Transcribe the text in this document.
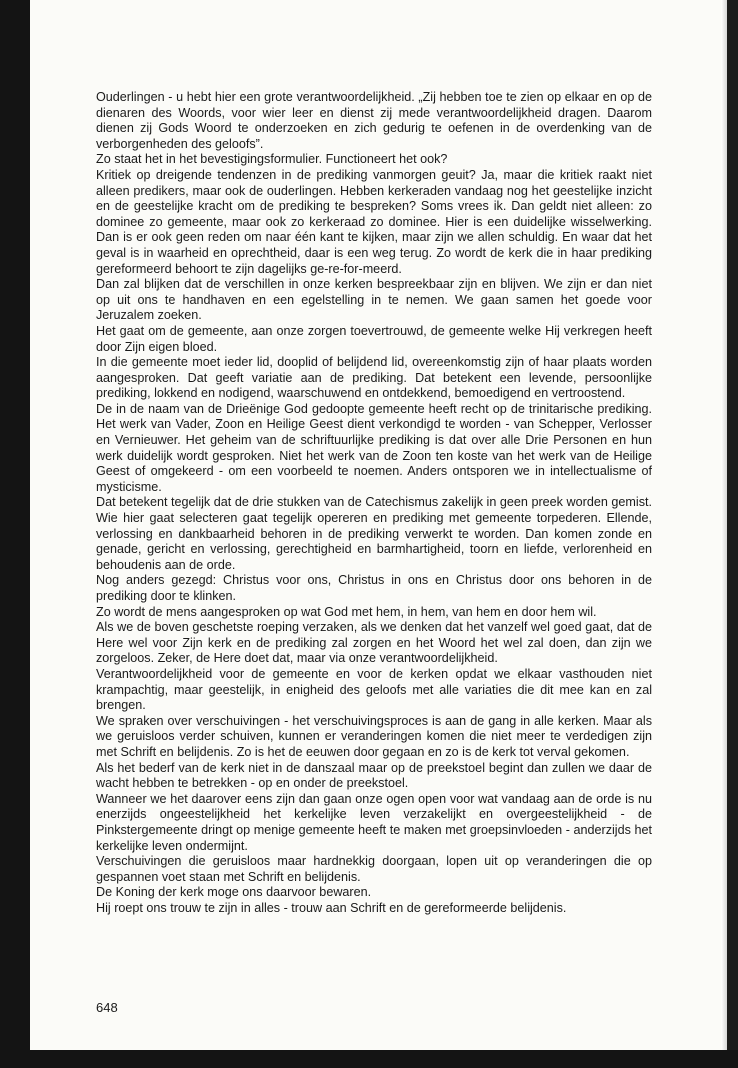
Ouderlingen - u hebt hier een grote verantwoordelijkheid. „Zij hebben toe te zien op elkaar en op de dienaren des Woords, voor wier leer en dienst zij mede verantwoordelijkheid dragen. Daarom dienen zij Gods Woord te onderzoeken en zich gedurig te oefenen in de overdenking van de verborgenheden des geloofs”.

Zo staat het in het bevestigingsformulier. Functioneert het ook?

Kritiek op dreigende tendenzen in de prediking vanmorgen geuit? Ja, maar die kritiek raakt niet alleen predikers, maar ook de ouderlingen. Hebben kerkeraden vandaag nog het geestelijke inzicht en de geestelijke kracht om de prediking te bespreken? Soms vrees ik. Dan geldt niet alleen: zo dominee zo gemeente, maar ook zo kerkeraad zo dominee. Hier is een duidelijke wisselwerking. Dan is er ook geen reden om naar één kant te kijken, maar zijn we allen schuldig. En waar dat het geval is in waarheid en oprechtheid, daar is een weg terug. Zo wordt de kerk die in haar prediking gereformeerd behoort te zijn dagelijks ge-re-for-meerd.

Dan zal blijken dat de verschillen in onze kerken bespreekbaar zijn en blijven. We zijn er dan niet op uit ons te handhaven en een egelstelling in te nemen. We gaan samen het goede voor Jeruzalem zoeken.

Het gaat om de gemeente, aan onze zorgen toevertrouwd, de gemeente welke Hij verkregen heeft door Zijn eigen bloed.

In die gemeente moet ieder lid, dooplid of belijdend lid, overeenkomstig zijn of haar plaats worden aangesproken. Dat geeft variatie aan de prediking. Dat betekent een levende, persoonlijke prediking, lokkend en nodigend, waarschuwend en ontdekkend, bemoedigend en vertroostend.

De in de naam van de Drieënige God gedoopte gemeente heeft recht op de trinitarische prediking. Het werk van Vader, Zoon en Heilige Geest dient verkondigd te worden - van Schepper, Verlosser en Vernieuwer. Het geheim van de schriftuurlijke prediking is dat over alle Drie Personen en hun werk duidelijk wordt gesproken. Niet het werk van de Zoon ten koste van het werk van de Heilige Geest of omgekeerd - om een voorbeeld te noemen. Anders ontsporen we in intellectualisme of mysticisme.

Dat betekent tegelijk dat de drie stukken van de Catechismus zakelijk in geen preek worden gemist. Wie hier gaat selecteren gaat tegelijk opereren en prediking met gemeente torpederen. Ellende, verlossing en dankbaarheid behoren in de prediking verwerkt te worden. Dan komen zonde en genade, gericht en verlossing, gerechtigheid en barmhartigheid, toorn en liefde, verlorenheid en behoudenis aan de orde.

Nog anders gezegd: Christus voor ons, Christus in ons en Christus door ons behoren in de prediking door te klinken.

Zo wordt de mens aangesproken op wat God met hem, in hem, van hem en door hem wil.

Als we de boven geschetste roeping verzaken, als we denken dat het vanzelf wel goed gaat, dat de Here wel voor Zijn kerk en de prediking zal zorgen en het Woord het wel zal doen, dan zijn we zorgeloos. Zeker, de Here doet dat, maar via onze verantwoordelijkheid.

Verantwoordelijkheid voor de gemeente en voor de kerken opdat we elkaar vasthouden niet krampachtig, maar geestelijk, in enigheid des geloofs met alle variaties die dit mee kan en zal brengen.

We spraken over verschuivingen - het verschuivingsproces is aan de gang in alle kerken. Maar als we geruisloos verder schuiven, kunnen er veranderingen komen die niet meer te verdedigen zijn met Schrift en belijdenis. Zo is het de eeuwen door gegaan en zo is de kerk tot verval gekomen.

Als het bederf van de kerk niet in de danszaal maar op de preekstoel begint dan zullen we daar de wacht hebben te betrekken - op en onder de preekstoel.

Wanneer we het daarover eens zijn dan gaan onze ogen open voor wat vandaag aan de orde is nu enerzijds ongeestelijkheid het kerkelijke leven verzakelijkt en overgeestelijkheid - de Pinkstergemeente dringt op menige gemeente heeft te maken met groepsinvloeden - anderzijds het kerkelijke leven ondermijnt.

Verschuivingen die geruisloos maar hardnekkig doorgaan, lopen uit op veranderingen die op gespannen voet staan met Schrift en belijdenis.

De Koning der kerk moge ons daarvoor bewaren.

Hij roept ons trouw te zijn in alles - trouw aan Schrift en de gereformeerde belijdenis.

648
